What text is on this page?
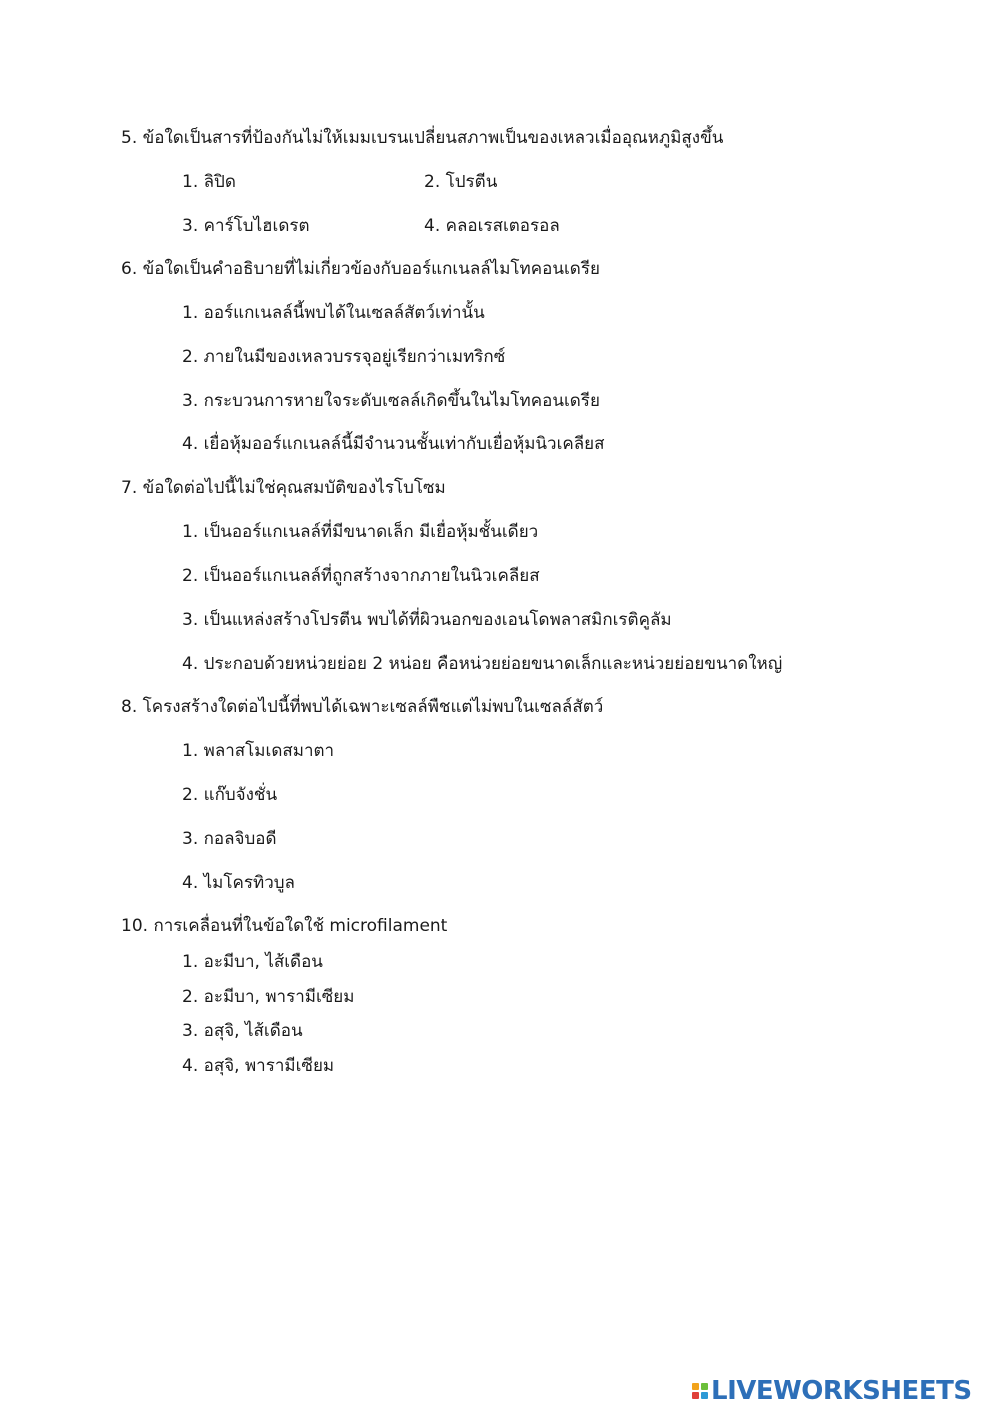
5. ข้อใดเป็นสารที่ป้องกันไม่ให้เมมเบรนเปลี่ยนสภาพเป็นของเหลวเมื่ออุณหภูมิสูงขึ้น
1. ลิปิด	2. โปรตีน
3. คาร์โบไฮเดรต	4. คลอเรสเตอรอล
6. ข้อใดเป็นคำอธิบายที่ไม่เกี่ยวข้องกับออร์แกเนลล์ไมโทคอนเดรีย
1. ออร์แกเนลล์นี้พบได้ในเซลล์สัตว์เท่านั้น
2. ภายในมีของเหลวบรรจุอยู่เรียกว่าเมทริกซ์
3. กระบวนการหายใจระดับเซลล์เกิดขึ้นในไมโทคอนเดรีย
4. เยื่อหุ้มออร์แกเนลล์นี้มีจำนวนชั้นเท่ากับเยื่อหุ้มนิวเคลียส
7. ข้อใดต่อไปนี้ไม่ใช่คุณสมบัติของไรโบโซม
1. เป็นออร์แกเนลล์ที่มีขนาดเล็ก มีเยื่อหุ้มชั้นเดียว
2. เป็นออร์แกเนลล์ที่ถูกสร้างจากภายในนิวเคลียส
3. เป็นแหล่งสร้างโปรตีน พบได้ที่ผิวนอกของเอนโดพลาสมิกเรติคูลัม
4. ประกอบด้วยหน่วยย่อย 2 หน่อย คือหน่วยย่อยขนาดเล็กและหน่วยย่อยขนาดใหญ่
8. โครงสร้างใดต่อไปนี้ที่พบได้เฉพาะเซลล์พืชแต่ไม่พบในเซลล์สัตว์
1. พลาสโมเดสมาตา
2. แก๊บจังชั่น
3. กอลจิบอดี
4. ไมโครทิวบูล
10. การเคลื่อนที่ในข้อใดใช้ microfilament
1. อะมีบา, ไส้เดือน
2. อะมีบา, พารามีเซียม
3. อสุจิ, ไส้เดือน
4. อสุจิ, พารามีเซียม
LIVEWORKSHEETS
